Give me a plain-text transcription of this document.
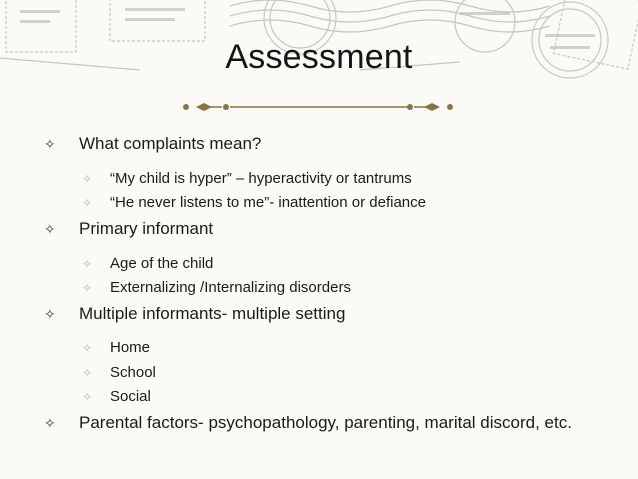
Assessment
✧ What complaints mean?
✧ “My child is hyper” – hyperactivity or tantrums
✧ “He never listens to me”- inattention or defiance
✧ Primary informant
✧ Age of the child
✧ Externalizing /Internalizing disorders
✧ Multiple informants- multiple setting
✧ Home
✧ School
✧ Social
✧ Parental factors- psychopathology, parenting, marital discord, etc.
